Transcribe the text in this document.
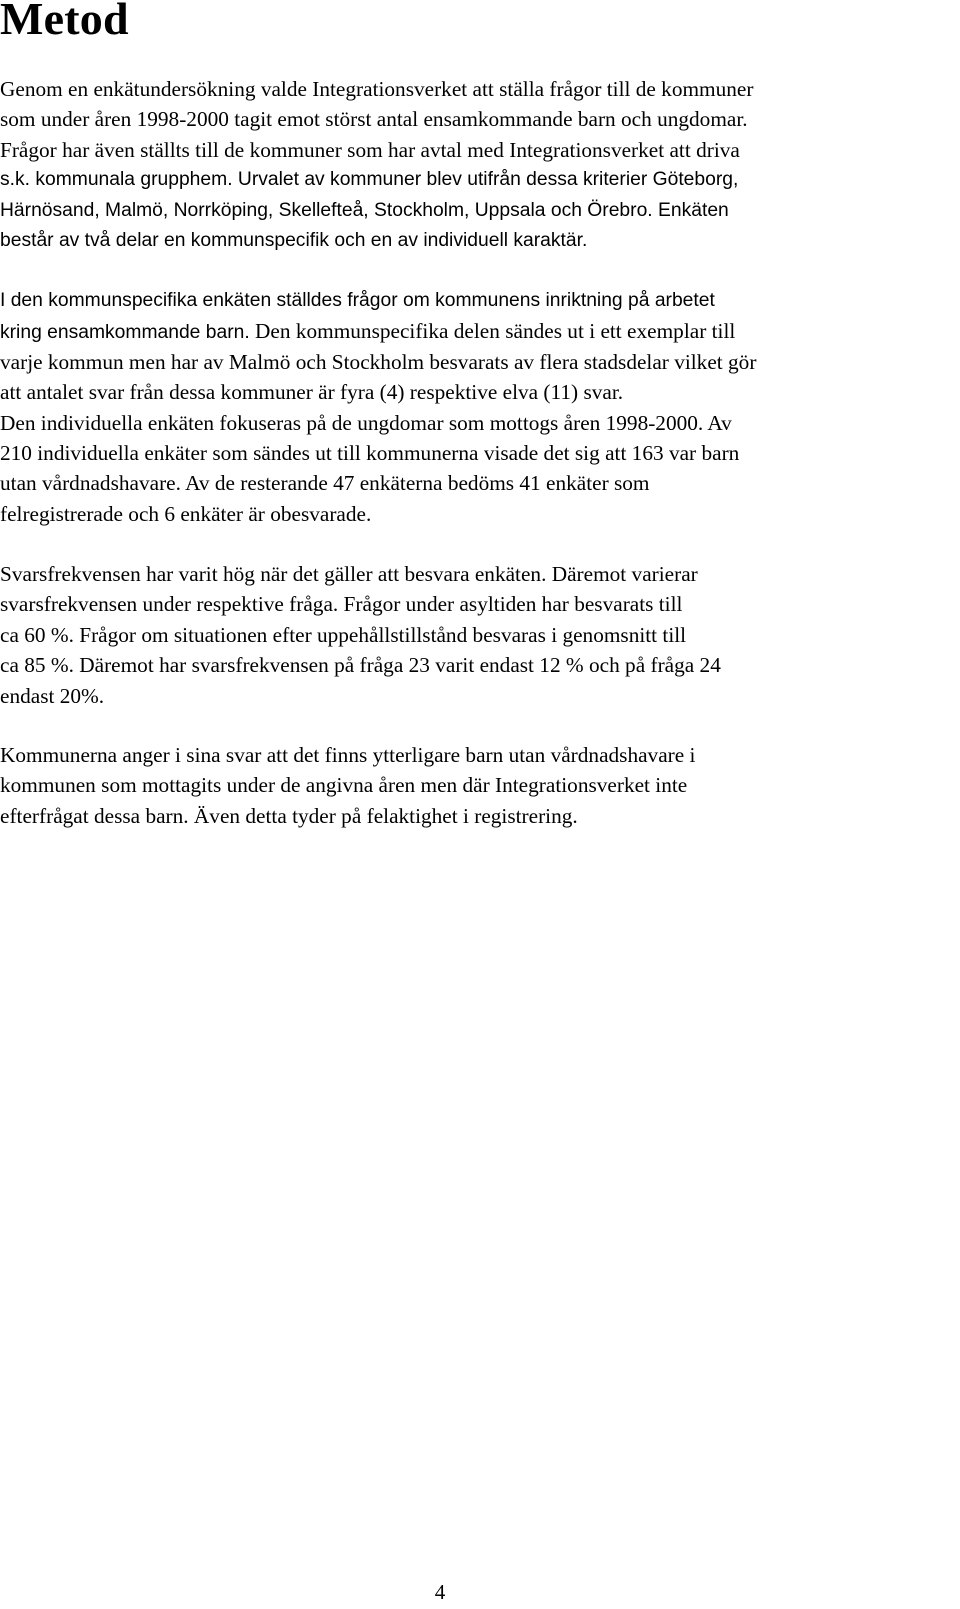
Metod

Genom en enkätundersökning valde Integrationsverket att ställa frågor till de kommuner
som under åren 1998-2000 tagit emot störst antal ensamkommande barn och ungdomar.
Frågor har även ställts till de kommuner som har avtal med Integrationsverket att driva
s.k. kommunala grupphem. Urvalet av kommuner blev utifrån dessa kriterier Göteborg,
Härnösand, Malmö, Norrköping, Skellefteå, Stockholm, Uppsala och Örebro. Enkäten
består av två delar en kommunspecifik och en av individuell karaktär.

I den kommunspecifika enkäten ställdes frågor om kommunens inriktning på arbetet
kring ensamkommande barn. Den kommunspecifika delen sändes ut i ett exemplar till
varje kommun men har av Malmö och Stockholm besvarats av flera stadsdelar vilket gör
att antalet svar från dessa kommuner är fyra (4) respektive elva (11) svar.
Den individuella enkäten fokuseras på de ungdomar som mottogs åren 1998-2000. Av
210 individuella enkäter som sändes ut till kommunerna visade det sig att 163 var barn
utan vårdnadshavare. Av de resterande 47 enkäterna bedöms 41 enkäter som
felregistrerade och 6 enkäter är obesvarade.

Svarsfrekvensen har varit hög när det gäller att besvara enkäten. Däremot varierar
svarsfrekvensen under respektive fråga. Frågor under asyltiden har besvarats till
ca 60 %. Frågor om situationen efter uppehållstillstånd besvaras i genomsnitt till
ca 85 %. Däremot har svarsfrekvensen på fråga 23 varit endast 12 % och på fråga 24
endast 20%.

Kommunerna anger i sina svar att det finns ytterligare barn utan vårdnadshavare i
kommunen som mottagits under de angivna åren men där Integrationsverket inte
efterfrågat dessa barn. Även detta tyder på felaktighet i registrering.

4
